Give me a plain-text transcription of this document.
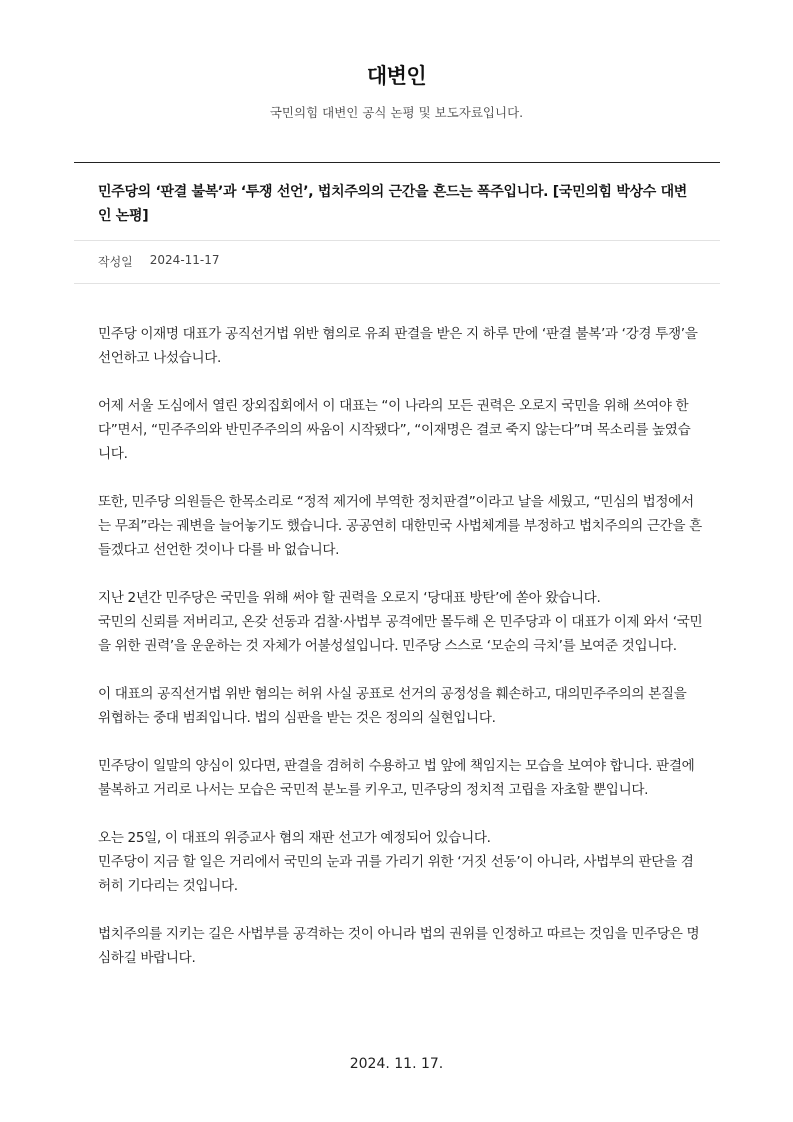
대변인
국민의힘 대변인 공식 논평 및 보도자료입니다.
민주당의 ‘판결 불복’과 ‘투쟁 선언’, 법치주의의 근간을 흔드는 폭주입니다. [국민의힘 박상수 대변인 논평]
작성일 2024-11-17

민주당 이재명 대표가 공직선거법 위반 혐의로 유죄 판결을 받은 지 하루 만에 ‘판결 불복’과 ‘강경 투쟁’을 선언하고 나섰습니다.

어제 서울 도심에서 열린 장외집회에서 이 대표는 “이 나라의 모든 권력은 오로지 국민을 위해 쓰여야 한다”면서, “민주주의와 반민주주의의 싸움이 시작됐다”, “이재명은 결코 죽지 않는다”며 목소리를 높였습니다.

또한, 민주당 의원들은 한목소리로 “정적 제거에 부역한 정치판결”이라고 날을 세웠고, “민심의 법정에서는 무죄”라는 궤변을 늘어놓기도 했습니다. 공공연히 대한민국 사법체계를 부정하고 법치주의의 근간을 흔들겠다고 선언한 것이나 다를 바 없습니다.

지난 2년간 민주당은 국민을 위해 써야 할 권력을 오로지 ‘당대표 방탄’에 쏟아 왔습니다.
국민의 신뢰를 저버리고, 온갖 선동과 검찰·사법부 공격에만 몰두해 온 민주당과 이 대표가 이제 와서 ‘국민을 위한 권력’을 운운하는 것 자체가 어불성설입니다. 민주당 스스로 ‘모순의 극치’를 보여준 것입니다.

이 대표의 공직선거법 위반 혐의는 허위 사실 공표로 선거의 공정성을 훼손하고, 대의민주주의의 본질을 위협하는 중대 범죄입니다. 법의 심판을 받는 것은 정의의 실현입니다.

민주당이 일말의 양심이 있다면, 판결을 겸허히 수용하고 법 앞에 책임지는 모습을 보여야 합니다. 판결에 불복하고 거리로 나서는 모습은 국민적 분노를 키우고, 민주당의 정치적 고립을 자초할 뿐입니다.

오는 25일, 이 대표의 위증교사 혐의 재판 선고가 예정되어 있습니다.
민주당이 지금 할 일은 거리에서 국민의 눈과 귀를 가리기 위한 ‘거짓 선동’이 아니라, 사법부의 판단을 겸허히 기다리는 것입니다.

법치주의를 지키는 길은 사법부를 공격하는 것이 아니라 법의 권위를 인정하고 따르는 것임을 민주당은 명심하길 바랍니다.

2024. 11. 17.
